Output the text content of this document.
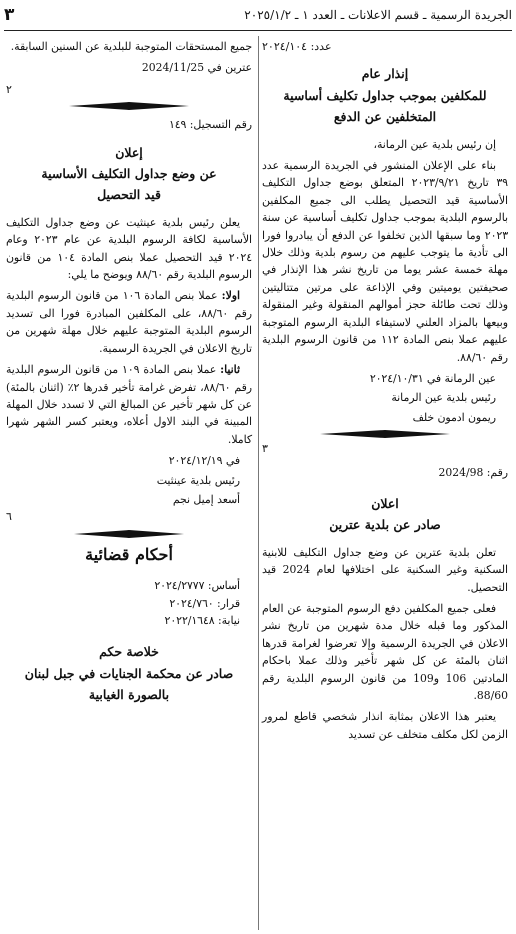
الجريدة الرسمية ـ قسم الاعلانات ـ العدد ١ ـ ٢٠٢٥/١/٢
٣
عدد: ٢٠٢٤/١٠٤
إنذار عام
للمكلفين بموجب جداول تكليف أساسية
المتخلفين عن الدفع

إن رئيس بلدية عين الرمانة،

بناء على الإعلان المنشور في الجريدة الرسمية عدد ٣٩ تاريخ ٢٠٢٣/٩/٢١ المتعلق بوضع جداول التكليف الأساسية قيد التحصيل يطلب الى جميع المكلفين بالرسوم البلدية بموجب جداول تكليف أساسية عن سنة ٢٠٢٣ وما سبقها الذين تخلفوا عن الدفع أن يبادروا فورا الى تأدية ما يتوجب عليهم من رسوم بلدية وذلك خلال مهلة خمسة عشر يوما من تاريخ نشر هذا الإنذار في صحيفتين يوميتين وفي الإذاعة على مرتين متتاليتين وذلك تحت طائلة حجز أموالهم المنقولة وغير المنقولة وبيعها بالمزاد العلني لاستيفاء البلدية الرسوم المتوجبة عليهم عملا بنص المادة ١١٢ من قانون الرسوم البلدية رقم ٨٨/٦٠.

عين الرمانة في ٢٠٢٤/١٠/٣١

رئيس بلدية عين الرمانة

ريمون ادمون خلف

٣
رقم: 2024/98
اعلان
صادر عن بلدية عترين

تعلن بلدية عترين عن وضع جداول التكليف للابنية السكنية وغير السكنية على اختلافها لعام 2024 قيد التحصيل.

فعلى جميع المكلفين دفع الرسوم المتوجبة عن العام المذكور وما قبله خلال مدة شهرين من تاريخ نشر الاعلان في الجريدة الرسمية وإلا تعرضوا لغرامة قدرها اثنان بالمئة عن كل شهر تأخير وذلك عملا باحكام المادتين 106 و109 من قانون الرسوم البلدية رقم 88/60.

يعتبر هذا الاعلان بمثابة انذار شخصي قاطع لمرور الزمن لكل مكلف متخلف عن تسديد

جميع المستحقات المتوجبة للبلدية عن السنين السابقة.

عترين في 2024/11/25

٢
رقم التسجيل: ١٤٩
إعلان
عن وضع جداول التكليف الأساسية
قيد التحصيل

يعلن رئيس بلدية عينثيت عن وضع جداول التكليف الأساسية لكافة الرسوم البلدية عن عام ٢٠٢٣ وعام ٢٠٢٤ قيد التحصيل عملا بنص المادة ١٠٤ من قانون الرسوم البلدية رقم ٨٨/٦٠ ويوضح ما يلي:

اولا: عملا بنص المادة ١٠٦ من قانون الرسوم البلدية رقم ٨٨/٦٠، على المكلفين المبادرة فورا الى تسديد الرسوم البلدية المتوجبة عليهم خلال مهلة شهرين من تاريخ الاعلان في الجريدة الرسمية.

ثانيا: عملا بنص المادة ١٠٩ من قانون الرسوم البلدية رقم ٨٨/٦٠، تفرض غرامة تأخير قدرها ٢٪ (اثنان بالمئة) عن كل شهر تأخير عن المبالغ التي لا تسدد خلال المهلة المبينة في البند الاول أعلاه، ويعتبر كسر الشهر شهرا كاملا.

في ٢٠٢٤/١٢/١٩

رئيس بلدية عينثيت

أسعد إميل نجم

٦
أحكام قضائية
أساس: ٢٠٢٤/٢٧٧٧
قرار: ٢٠٢٤/٧٦٠
نيابة: ٢٠٢٢/١٦٤٨
خلاصة حكم
صادر عن محكمة الجنايات في جبل لبنان
بالصورة الغيابية
